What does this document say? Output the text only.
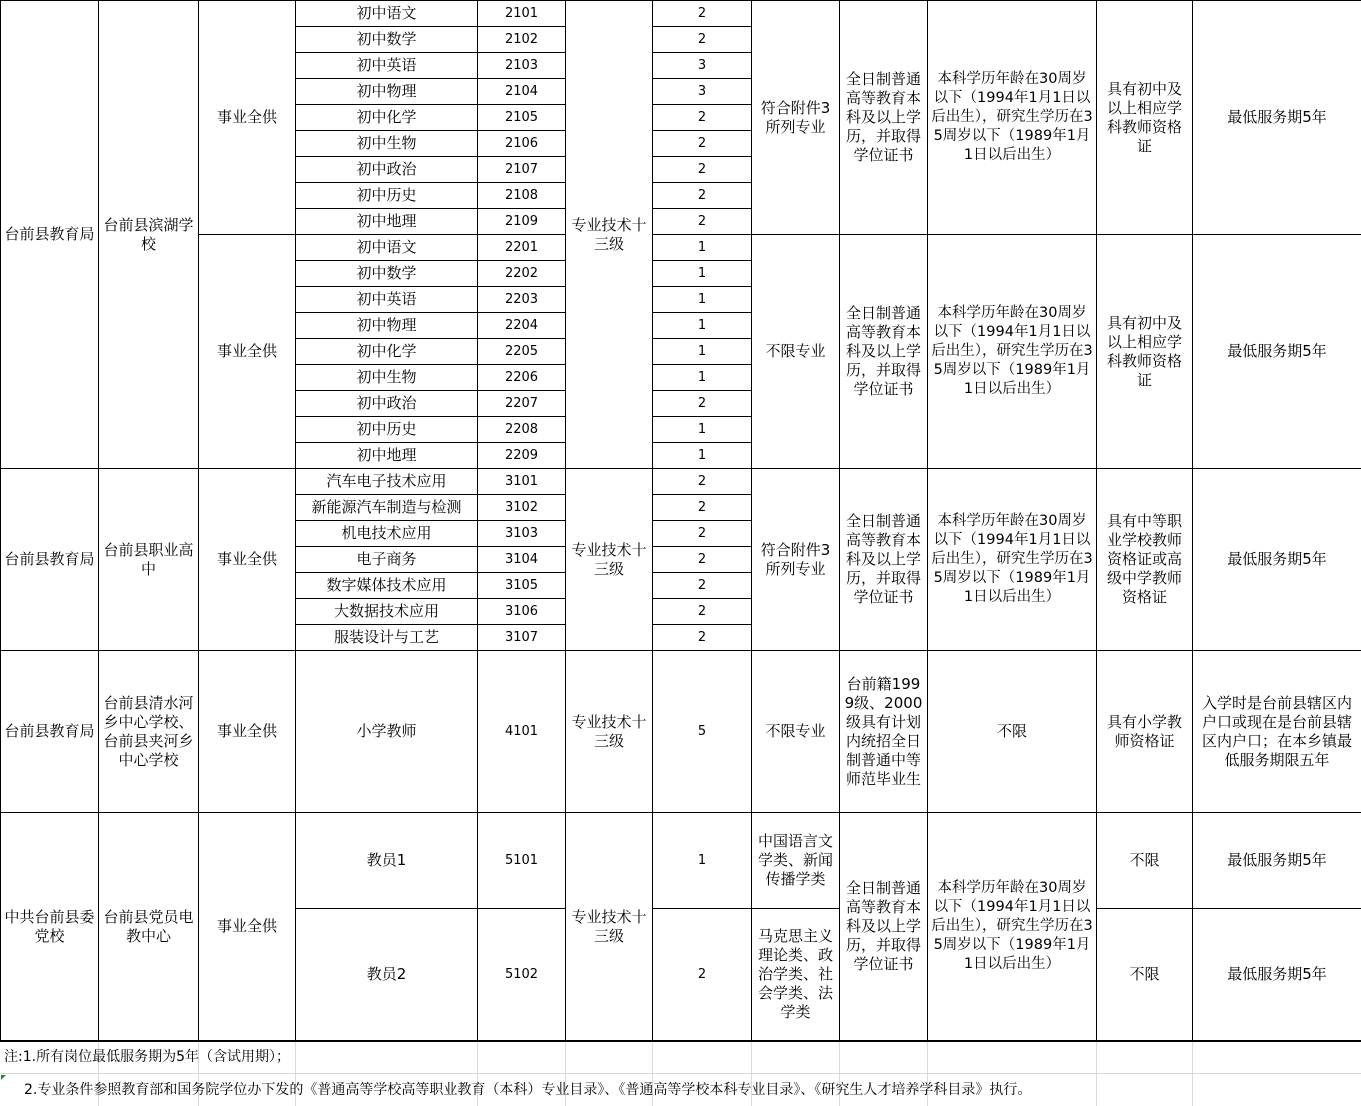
台前县教育局	台前县滨湖学校	事业全供	初中语文	2101	专业技术十三级	2	符合附件3所列专业	全日制普通高等教育本科及以上学历，并取得学位证书	本科学历年龄在30周岁以下（1994年1月1日以后出生），研究生学历在35周岁以下（1989年1月1日以后出生）	具有初中及以上相应学科教师资格证	最低服务期5年
			初中数学	2102		2					
			初中英语	2103		3					
			初中物理	2104		3					
			初中化学	2105		2					
			初中生物	2106		2					
			初中政治	2107		2					
			初中历史	2108		2					
			初中地理	2109		2					
		事业全供	初中语文	2201		1	不限专业	全日制普通高等教育本科及以上学历，并取得学位证书	本科学历年龄在30周岁以下（1994年1月1日以后出生），研究生学历在35周岁以下（1989年1月1日以后出生）	具有初中及以上相应学科教师资格证	最低服务期5年
			初中数学	2202		1					
			初中英语	2203		1					
			初中物理	2204		1					
			初中化学	2205		1					
			初中生物	2206		1					
			初中政治	2207		2					
			初中历史	2208		1					
			初中地理	2209		1					
台前县教育局	台前县职业高中	事业全供	汽车电子技术应用	3101	专业技术十三级	2	符合附件3所列专业	全日制普通高等教育本科及以上学历，并取得学位证书	本科学历年龄在30周岁以下（1994年1月1日以后出生），研究生学历在35周岁以下（1989年1月1日以后出生）	具有中等职业学校教师资格证或高级中学教师资格证	最低服务期5年
			新能源汽车制造与检测	3102		2					
			机电技术应用	3103		2					
			电子商务	3104		2					
			数字媒体技术应用	3105		2					
			大数据技术应用	3106		2					
			服装设计与工艺	3107		2					
台前县教育局	台前县清水河乡中心学校、台前县夹河乡中心学校	事业全供	小学教师	4101	专业技术十三级	5	不限专业	台前籍1999级、2000级具有计划内统招全日制普通中等师范毕业生	不限	具有小学教师资格证	入学时是台前县辖区内户口或现在是台前县辖区内户口；在本乡镇最低服务期限五年
中共台前县委党校	台前县党员电教中心	事业全供	教员1	5101	专业技术十三级	1	中国语言文学类、新闻传播学类	全日制普通高等教育本科及以上学历，并取得学位证书	本科学历年龄在30周岁以下（1994年1月1日以后出生），研究生学历在35周岁以下（1989年1月1日以后出生）	不限	最低服务期5年
			教员2	5102		2	马克思主义理论类、政治学类、社会学类、法学类			不限	最低服务期5年
注:1.所有岗位最低服务期为5年（含试用期）；
2.专业条件参照教育部和国务院学位办下发的《普通高等学校高等职业教育（本科）专业目录》、《普通高等学校本科专业目录》、《研究生人才培养学科目录》执行。
